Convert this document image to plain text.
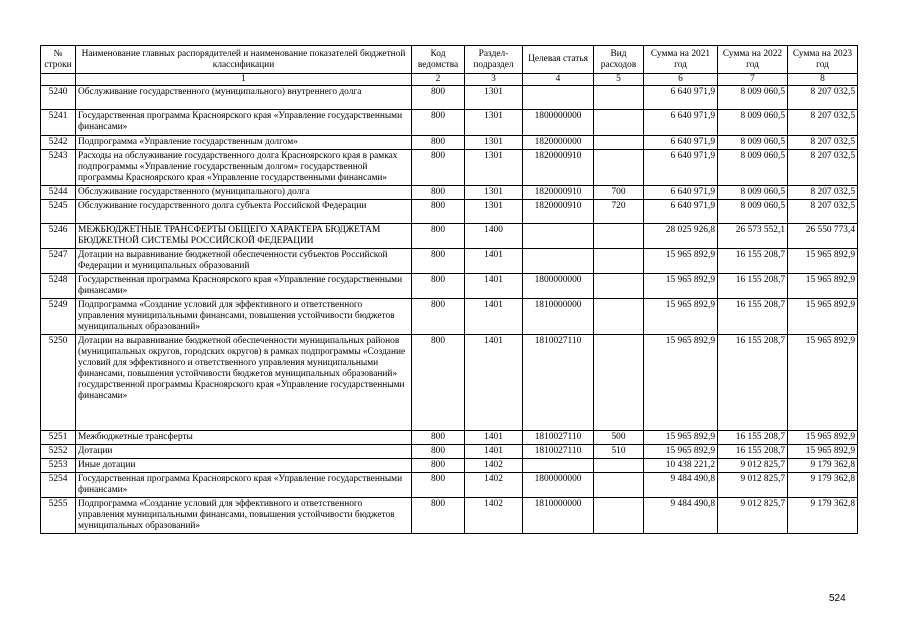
№ строки	Наименование главных распорядителей и наименование показателей бюджетной классификации	Код ведомства	Раздел-подраздел	Целевая статья	Вид расходов	Сумма на 2021 год	Сумма на 2022 год	Сумма на 2023 год
	1	2	3	4	5	6	7	8
5240	Обслуживание государственного (муниципального) внутреннего долга	800	1301			6 640 971,9	8 009 060,5	8 207 032,5
5241	Государственная программа Красноярского края «Управление государственными финансами»	800	1301	1800000000		6 640 971,9	8 009 060,5	8 207 032,5
5242	Подпрограмма «Управление государственным долгом»	800	1301	1820000000		6 640 971,9	8 009 060,5	8 207 032,5
5243	Расходы на обслуживание государственного долга Красноярского края в рамках подпрограммы «Управление государственным долгом» государственной программы Красноярского края «Управление государственными финансами»	800	1301	1820000910		6 640 971,9	8 009 060,5	8 207 032,5
5244	Обслуживание государственного (муниципального) долга	800	1301	1820000910	700	6 640 971,9	8 009 060,5	8 207 032,5
5245	Обслуживание государственного долга субъекта Российской Федерации	800	1301	1820000910	720	6 640 971,9	8 009 060,5	8 207 032,5
5246	МЕЖБЮДЖЕТНЫЕ ТРАНСФЕРТЫ ОБЩЕГО ХАРАКТЕРА БЮДЖЕТАМ БЮДЖЕТНОЙ СИСТЕМЫ РОССИЙСКОЙ ФЕДЕРАЦИИ	800	1400			28 025 926,8	26 573 552,1	26 550 773,4
5247	Дотации на выравнивание бюджетной обеспеченности субъектов Российской Федерации и муниципальных образований	800	1401			15 965 892,9	16 155 208,7	15 965 892,9
5248	Государственная программа Красноярского края «Управление государственными финансами»	800	1401	1800000000		15 965 892,9	16 155 208,7	15 965 892,9
5249	Подпрограмма «Создание условий для эффективного и ответственного управления муниципальными финансами, повышения устойчивости бюджетов муниципальных образований»	800	1401	1810000000		15 965 892,9	16 155 208,7	15 965 892,9
5250	Дотации на выравнивание бюджетной обеспеченности муниципальных районов (муниципальных округов, городских округов) в рамках подпрограммы «Создание условий для эффективного и ответственного управления муниципальными финансами, повышения устойчивости бюджетов муниципальных образований» государственной программы Красноярского края «Управление государственными финансами»	800	1401	1810027110		15 965 892,9	16 155 208,7	15 965 892,9
5251	Межбюджетные трансферты	800	1401	1810027110	500	15 965 892,9	16 155 208,7	15 965 892,9
5252	Дотации	800	1401	1810027110	510	15 965 892,9	16 155 208,7	15 965 892,9
5253	Иные дотации	800	1402			10 438 221,2	9 012 825,7	9 179 362,8
5254	Государственная программа Красноярского края «Управление государственными финансами»	800	1402	1800000000		9 484 490,8	9 012 825,7	9 179 362,8
5255	Подпрограмма «Создание условий для эффективного и ответственного управления муниципальными финансами, повышения устойчивости бюджетов муниципальных образований»	800	1402	1810000000		9 484 490,8	9 012 825,7	9 179 362,8
524
